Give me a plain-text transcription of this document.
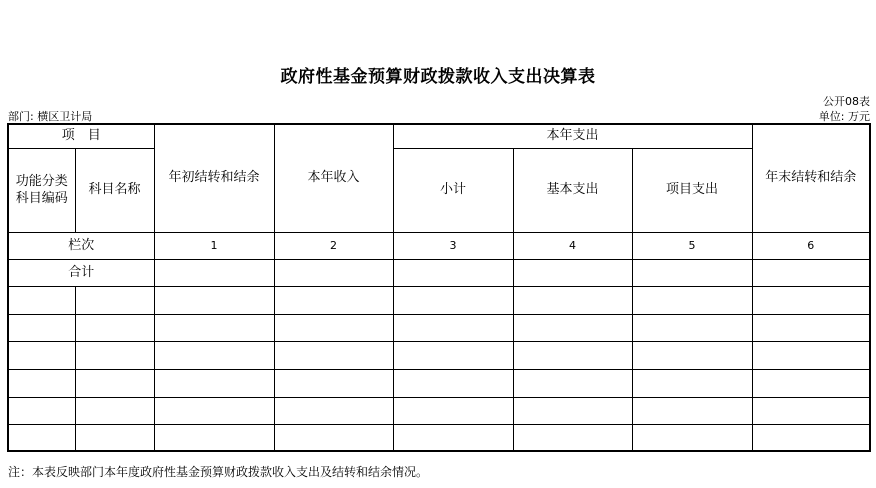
政府性基金预算财政拨款收入支出决算表
公开08表
部门: 横区卫计局	单位: 万元
项　目		年初结转和结余	本年收入	本年支出			年末结转和结余

功能分类科目编码	科目名称			小计	基本支出	项目支出	
栏次		1	2	3	4	5	6
合计							

注：本表反映部门本年度政府性基金预算财政拨款收入支出及结转和结余情况。
